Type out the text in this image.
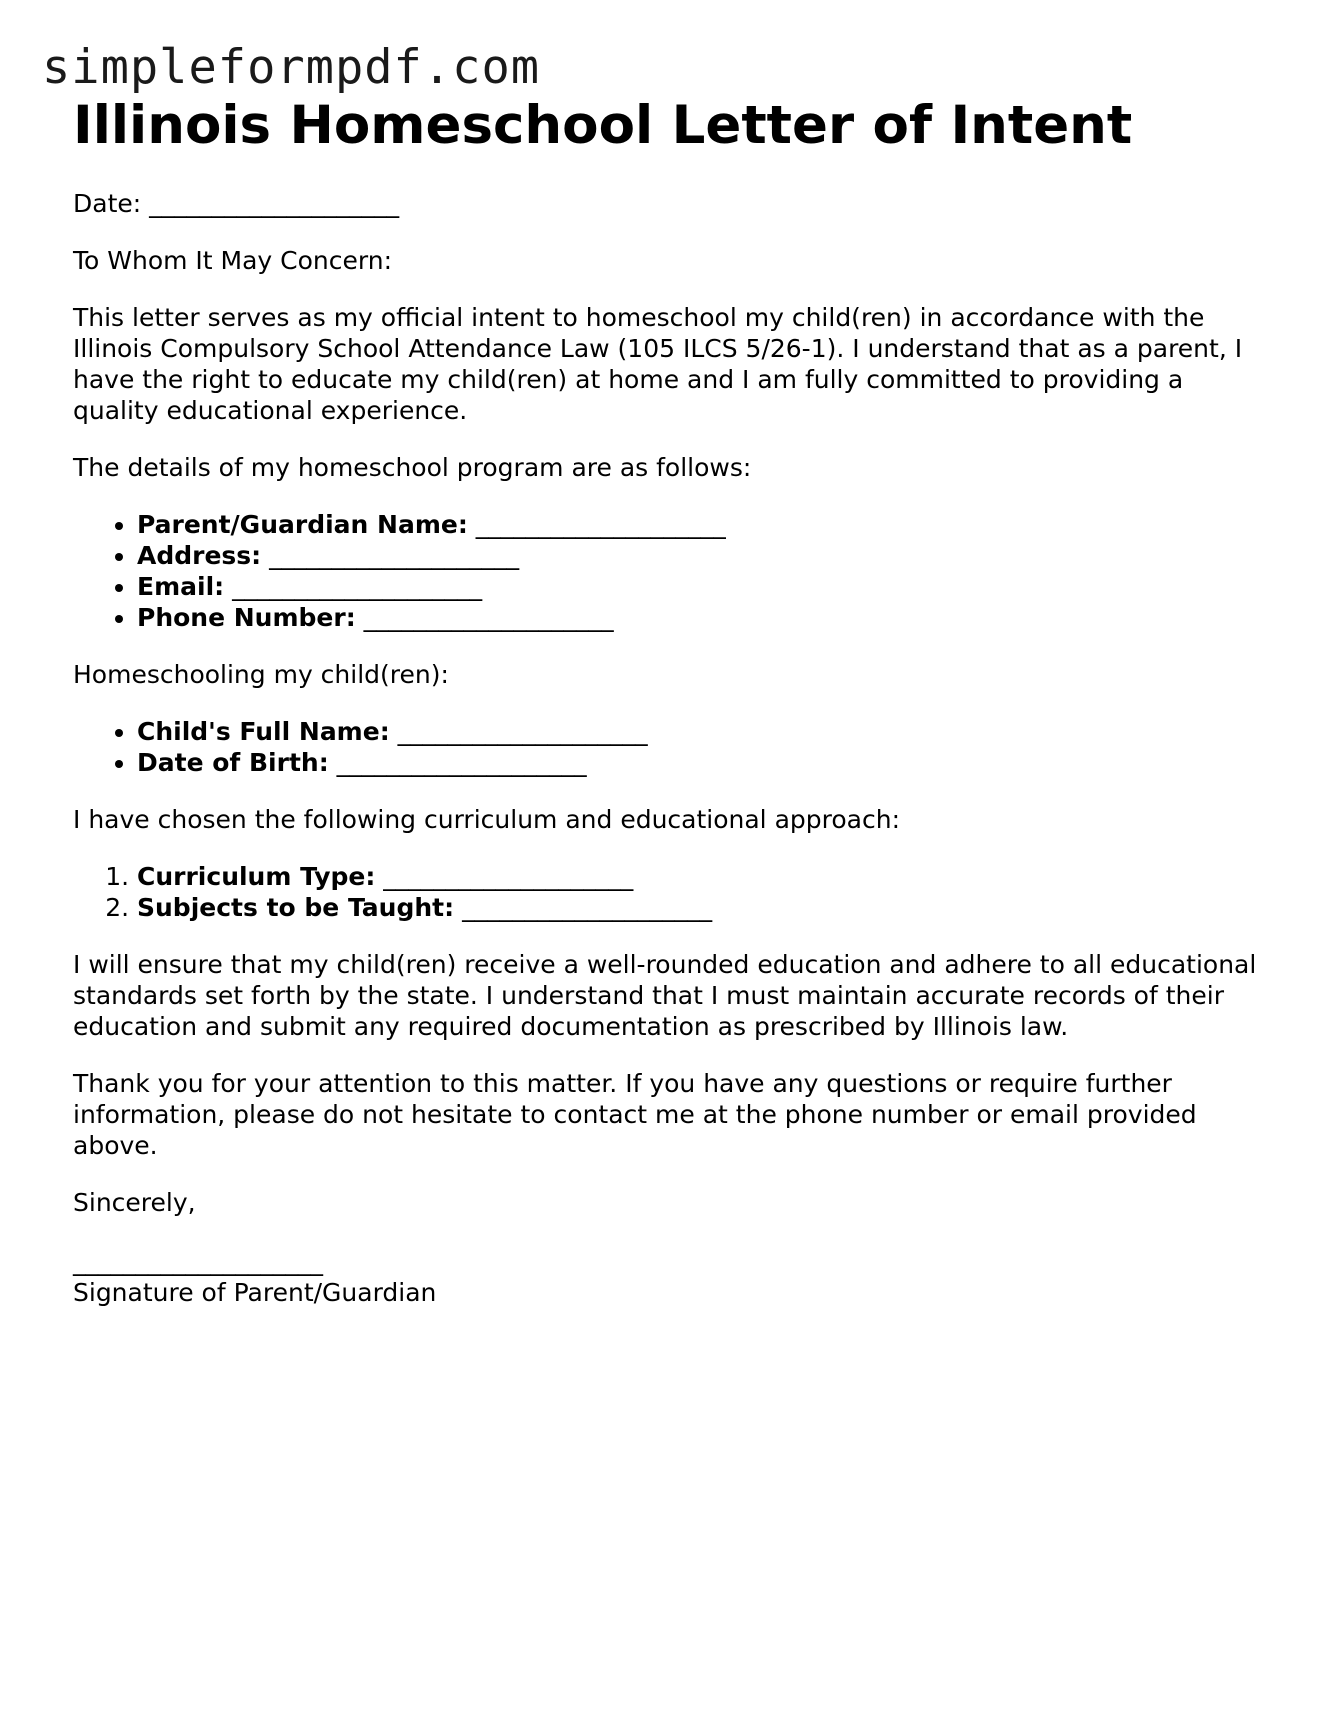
simpleformpdf.com
Illinois Homeschool Letter of Intent

Date: ____________________

To Whom It May Concern:

This letter serves as my official intent to homeschool my child(ren) in accordance with the Illinois Compulsory School Attendance Law (105 ILCS 5/26-1). I understand that as a parent, I have the right to educate my child(ren) at home and I am fully committed to providing a quality educational experience.

The details of my homeschool program are as follows:

• Parent/Guardian Name: ____________________
• Address: ____________________
• Email: ____________________
• Phone Number: ____________________

Homeschooling my child(ren):

• Child's Full Name: ____________________
• Date of Birth: ____________________

I have chosen the following curriculum and educational approach:

1. Curriculum Type: ____________________
2. Subjects to be Taught: ____________________

I will ensure that my child(ren) receive a well-rounded education and adhere to all educational standards set forth by the state. I understand that I must maintain accurate records of their education and submit any required documentation as prescribed by Illinois law.

Thank you for your attention to this matter. If you have any questions or require further information, please do not hesitate to contact me at the phone number or email provided above.

Sincerely,

____________________

Signature of Parent/Guardian
